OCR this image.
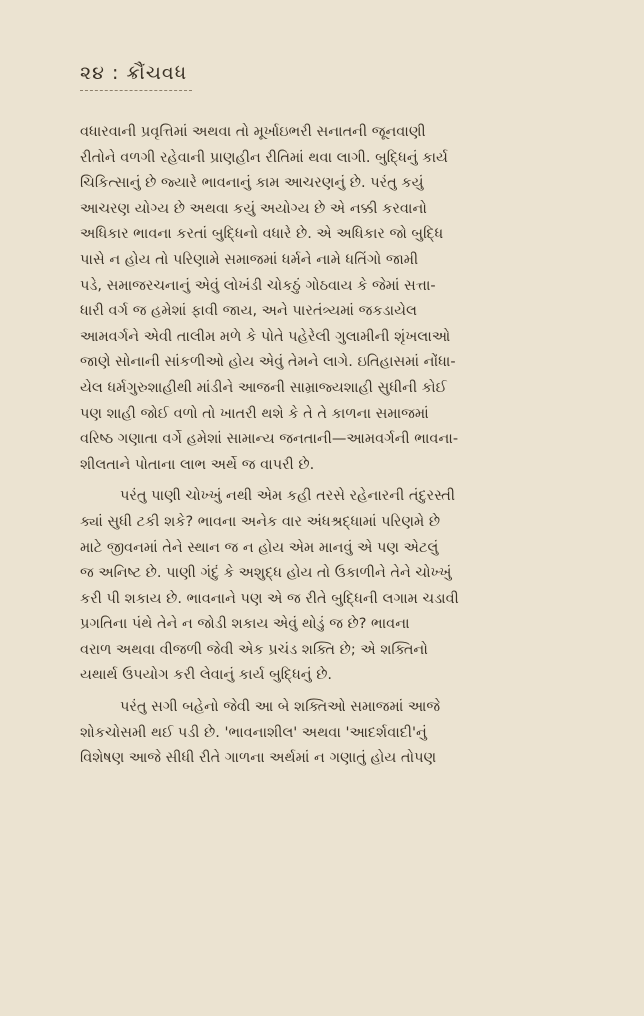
૨૪ : ક્રૌંચવધ
વધારવાની પ્રવૃત્તિમાં અથવા તો મૂર્ખાઇભરી સનાતની જૂનવાણી
રીતોને વળગી રહેવાની પ્રાણહીન રીતિમાં થવા લાગી. બુદ્ધિનું કાર્ય
ચિકિત્સાનું છે જ્યારે ભાવનાનું કામ આચરણનું છે. પરંતુ કયું
આચરણ યોગ્ય છે અથવા કયું અયોગ્ય છે એ નક્કી કરવાનો
અધિકાર ભાવના કરતાં બુદ્ધિનો વધારે છે. એ અધિકાર જો બુદ્ધિ
પાસે ન હોય તો પરિણામે સમાજમાં ધર્મને નામે ધતિંગો જામી
પડે, સમાજરચનાનું એવું લોખંડી ચોકઠું ગોઠવાય કે જેમાં સત્તા-
ધારી વર્ગ જ હમેશાં ફાવી જાય, અને પારતંત્ર્યમાં જકડાયેલ
આમવર્ગને એવી તાલીમ મળે કે પોતે પહેરેલી ગુલામીની શૃંખલાઓ
જાણે સોનાની સાંકળીઓ હોય એવું તેમને લાગે. ઇતિહાસમાં નોંધા-
યેલ ધર્મગુરુશાહીથી માંડીને આજની સામ્રાજ્યશાહી સુધીની કોઈ
પણ શાહી જોઈ વળો તો ખાતરી થશે કે તે તે કાળના સમાજમાં
વરિષ્ઠ ગણાતા વર્ગે હમેશાં સામાન્ય જનતાની—આમવર્ગની ભાવના-
શીલતાને પોતાના લાભ અર્થે જ વાપરી છે.
પરંતુ પાણી ચોખ્ખું નથી એમ કહી તરસે રહેનારની તંદુરસ્તી
ક્યાં સુધી ટકી શકે? ભાવના અનેક વાર અંધશ્રદ્ધામાં પરિણમે છે
માટે જીવનમાં તેને સ્થાન જ ન હોય એમ માનવું એ પણ એટલું
જ અનિષ્ટ છે. પાણી ગંદું કે અશુદ્ધ હોય તો ઉકાળીને તેને ચોખ્ખું
કરી પી શકાય છે. ભાવનાને પણ એ જ રીતે બુદ્ધિની લગામ ચડાવી
પ્રગતિના પંથે તેને ન જોડી શકાય એવું થોડું જ છે? ભાવના
વરાળ અથવા વીજળી જેવી એક પ્રચંડ શક્તિ છે; એ શક્તિનો
યથાર્થ ઉપયોગ કરી લેવાનું કાર્ય બુદ્ધિનું છે.
પરંતુ સગી બહેનો જેવી આ બે શક્તિઓ સમાજમાં આજે
શોકચોસમી થઈ પડી છે. 'ભાવનાશીલ' અથવા 'આદર્શવાદી'નું
વિશેષણ આજે સીધી રીતે ગાળના અર્થમાં ન ગણાતું હોય તોપણ
